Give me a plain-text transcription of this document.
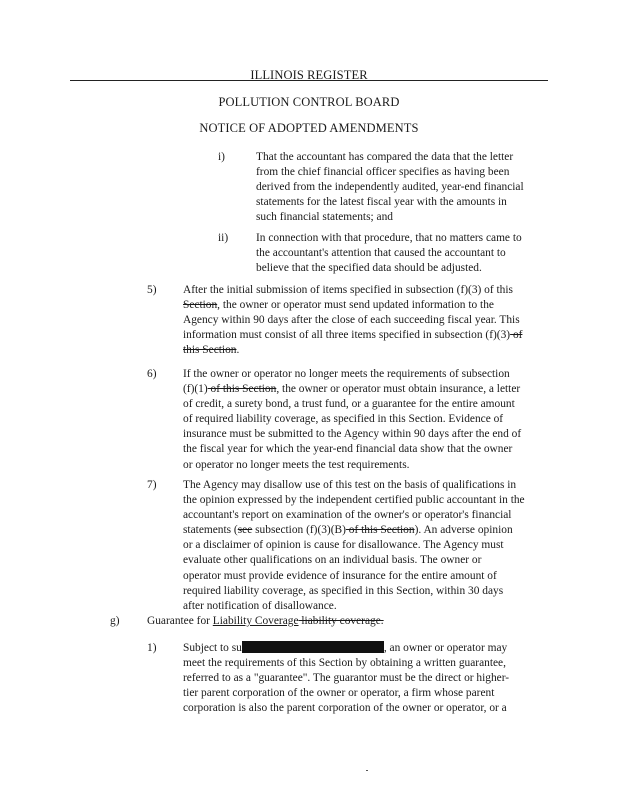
ILLINOIS REGISTER
POLLUTION CONTROL BOARD
NOTICE OF ADOPTED AMENDMENTS
i)	That the accountant has compared the data that the letter
from the chief financial officer specifies as having been
derived from the independently audited, year-end financial
statements for the latest fiscal year with the amounts in
such financial statements; and
ii) In connection with that procedure, that no matters came to
the accountant's attention that caused the accountant to
believe that the specified data should be adjusted.
5) After the initial submission of items specified in subsection (f)(3) of this
Section, the owner or operator must send updated information to the
Agency within 90 days after the close of each succeeding fiscal year. This
information must consist of all three items specified in subsection (f)(3) of
this Section.
6) If the owner or operator no longer meets the requirements of subsection
(f)(1) of this Section, the owner or operator must obtain insurance, a letter
of credit, a surety bond, a trust fund, or a guarantee for the entire amount
of required liability coverage, as specified in this Section. Evidence of
insurance must be submitted to the Agency within 90 days after the end of
the fiscal year for which the year-end financial data show that the owner
or operator no longer meets the test requirements.
7) The Agency may disallow use of this test on the basis of qualifications in
the opinion expressed by the independent certified public accountant in the
accountant's report on examination of the owner's or operator's financial
statements (see subsection (f)(3)(B) of this Section). An adverse opinion
or a disclaimer of opinion is cause for disallowance. The Agency must
evaluate other qualifications on an individual basis. The owner or
operator must provide evidence of insurance for the entire amount of
required liability coverage, as specified in this Section, within 30 days
after notification of disallowance.
g) Guarantee for Liability Coverage liability coverage.
1) Subject to su	, an owner or operator may
meet the requirements of this Section by obtaining a written guarantee,
referred to as a "guarantee". The guarantor must be the direct or higher-
tier parent corporation of the owner or operator, a firm whose parent
corporation is also the parent corporation of the owner or operator, or a
